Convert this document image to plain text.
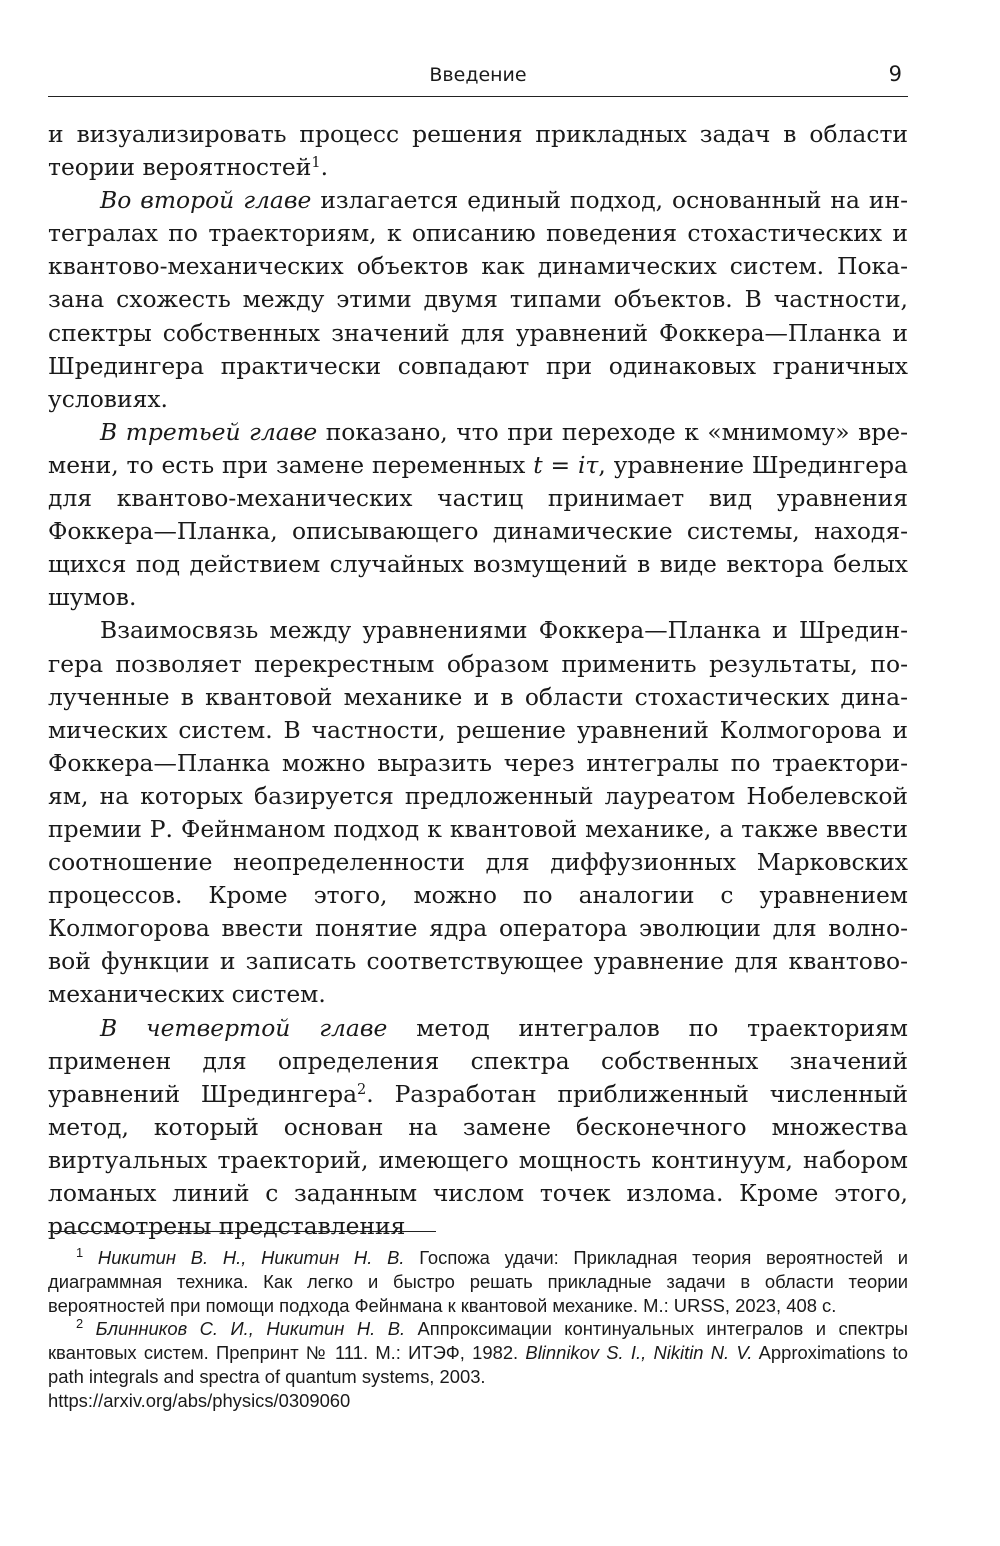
Введение	9

и визуализировать процесс решения прикладных задач в области теории вероятностей$^1$.

Во второй главе излагается единый подход, основанный на интегралах по траекториям, к описанию поведения стохастических и квантово-механических объектов как динамических систем. Показана схожесть между этими двумя типами объектов. В частности, спектры собственных значений для уравнений Фоккера—Планка и Шредингера практически совпадают при одинаковых граничных условиях.

В третьей главе показано, что при переходе к «мнимому» времени, то есть при замене переменных t = iτ, уравнение Шредингера для квантово-механических частиц принимает вид уравнения Фоккера—Планка, описывающего динамические системы, находящихся под действием случайных возмущений в виде вектора белых шумов.

Взаимосвязь между уравнениями Фоккера—Планка и Шредингера позволяет перекрестным образом применить результаты, полученные в квантовой механике и в области стохастических динамических систем. В частности, решение уравнений Колмогорова и Фоккера—Планка можно выразить через интегралы по траекториям, на которых базируется предложенный лауреатом Нобелевской премии Р. Фейнманом подход к квантовой механике, а также ввести соотношение неопределенности для диффузионных Марковских процессов. Кроме этого, можно по аналогии с уравнением Колмогорова ввести понятие ядра оператора эволюции для волновой функции и записать соответствующее уравнение для квантово-механических систем.

В четвертой главе метод интегралов по траекториям применен для определения спектра собственных значений уравнений Шредингера$^2$. Разработан приближенный численный метод, который основан на замене бесконечного множества виртуальных траекторий, имеющего мощность континуум, набором ломаных линий с заданным числом точек излома. Кроме этого, рассмотрены представления

$^1$ Никитин В. Н., Никитин Н. В. Госпожа удачи: Прикладная теория вероятностей и диаграммная техника. Как легко и быстро решать прикладные задачи в области теории вероятностей при помощи подхода Фейнмана к квантовой механике. М.: URSS, 2023, 408 с.

$^2$ Блинников С. И., Никитин Н. В. Аппроксимации континуальных интегралов и спектры квантовых систем. Препринт № 111. М.: ИТЭФ, 1982. Blinnikov S. I., Nikitin N. V. Approximations to path integrals and spectra of quantum systems, 2003.

https://arxiv.org/abs/physics/0309060
